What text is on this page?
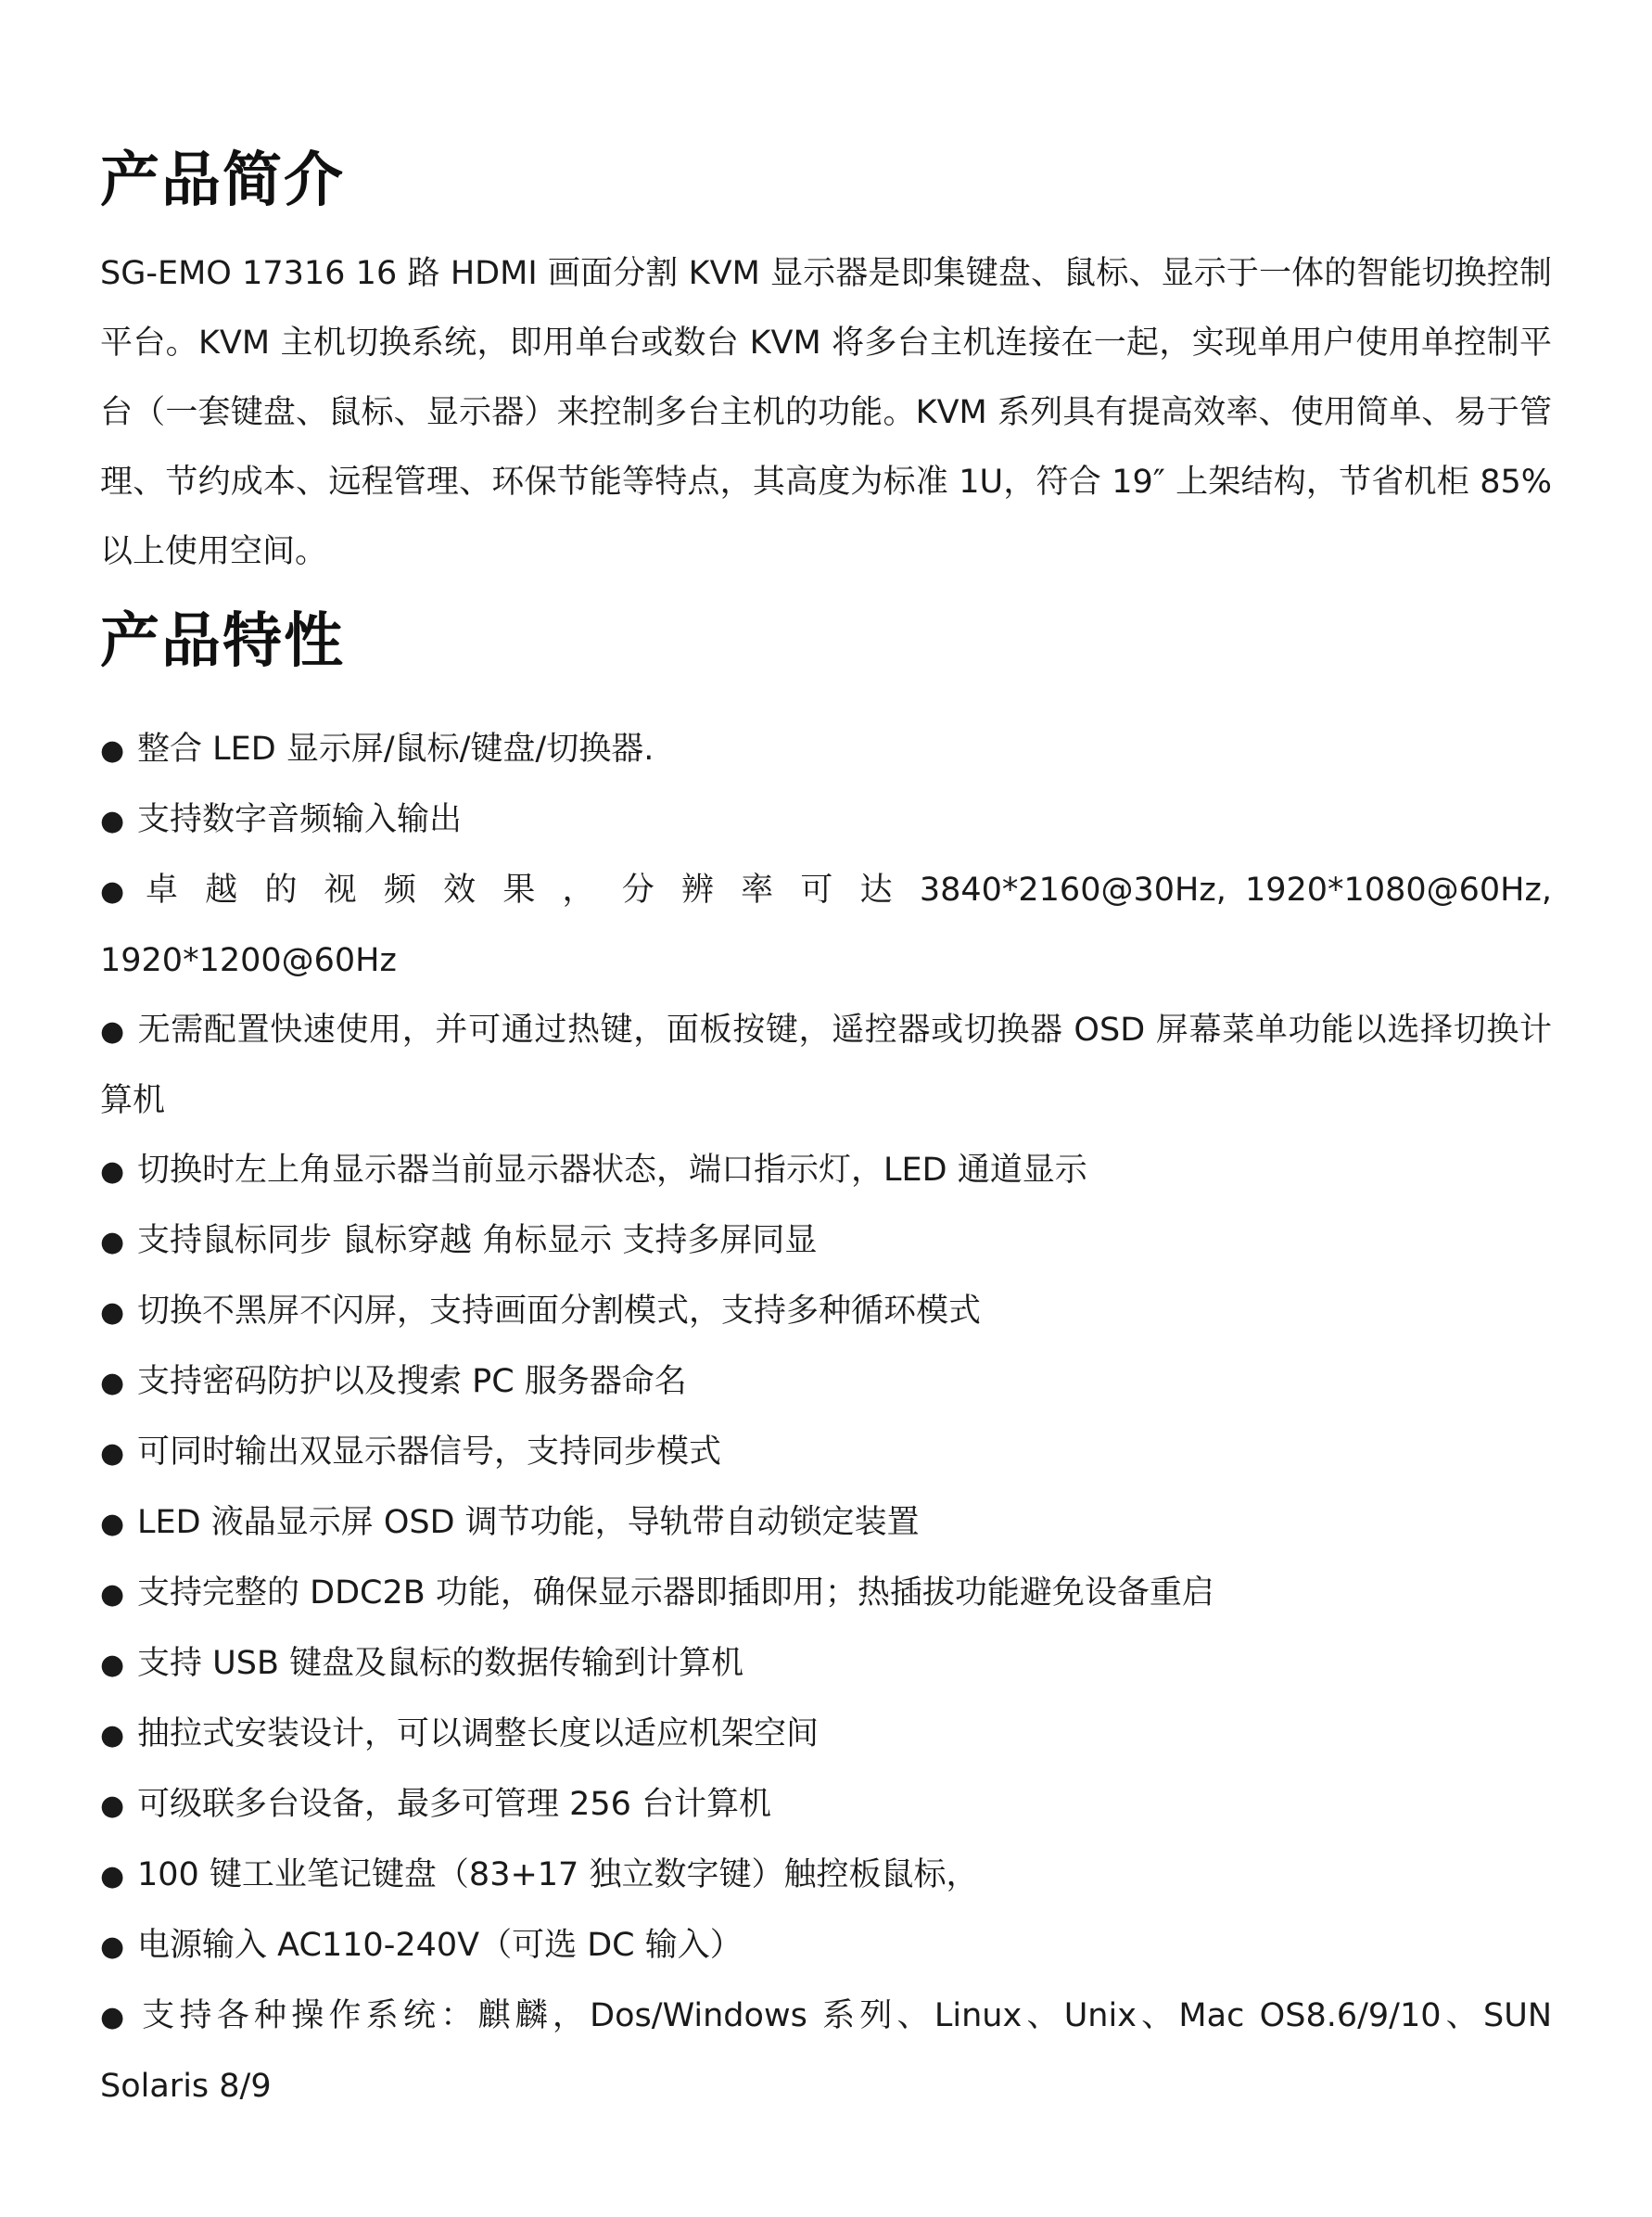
产品简介

SG-EMO 17316 16 路 HDMI 画面分割 KVM 显示器是即集键盘、鼠标、显示于一体的智能切换控制平台。KVM 主机切换系统，即用单台或数台 KVM 将多台主机连接在一起，实现单用户使用单控制平台（一套键盘、鼠标、显示器）来控制多台主机的功能。KVM 系列具有提高效率、使用简单、易于管理、节约成本、远程管理、环保节能等特点，其高度为标准 1U，符合 19″ 上架结构，节省机柜 85%以上使用空间。

产品特性
● 整合 LED 显示屏/鼠标/键盘/切换器.
● 支持数字音频输入输出
● 卓 越 的 视 频 效 果 ， 分 辨 率 可 达 3840*2160@30Hz, 1920*1080@60Hz, 1920*1200@60Hz
● 无需配置快速使用，并可通过热键，面板按键，遥控器或切换器 OSD 屏幕菜单功能以选择切换计算机
● 切换时左上角显示器当前显示器状态，端口指示灯，LED 通道显示
● 支持鼠标同步 鼠标穿越 角标显示 支持多屏同显
● 切换不黑屏不闪屏，支持画面分割模式，支持多种循环模式
● 支持密码防护以及搜索 PC 服务器命名
● 可同时输出双显示器信号，支持同步模式
● LED 液晶显示屏 OSD 调节功能，导轨带自动锁定装置
● 支持完整的 DDC2B 功能，确保显示器即插即用；热插拔功能避免设备重启
● 支持 USB 键盘及鼠标的数据传输到计算机
● 抽拉式安装设计，可以调整长度以适应机架空间
● 可级联多台设备，最多可管理 256 台计算机
● 100 键工业笔记键盘（83+17 独立数字键）触控板鼠标，
● 电源输入 AC110-240V（可选 DC 输入）
● 支持各种操作系统：麒麟，Dos/Windows 系列、Linux、Unix、Mac OS8.6/9/10、SUN Solaris 8/9
